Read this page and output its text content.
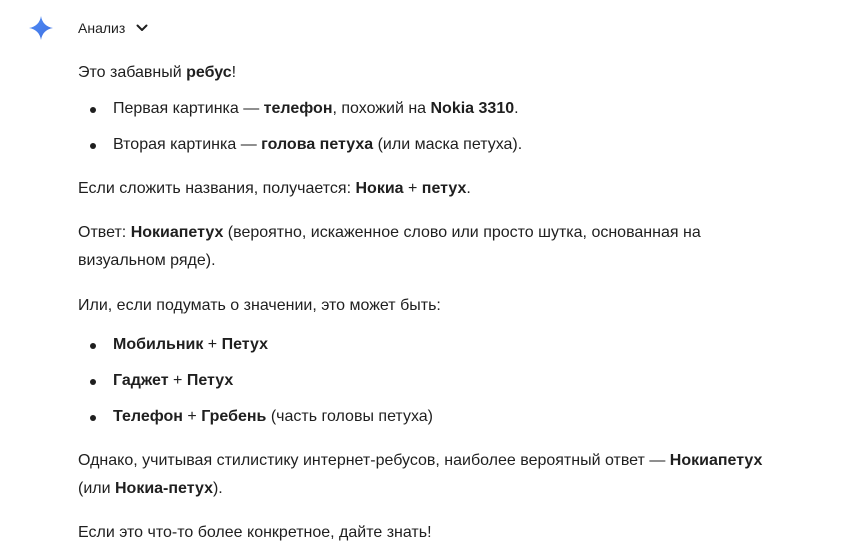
Анализ

Это забавный ребус!

Первая картинка — телефон, похожий на Nokia 3310.
Вторая картинка — голова петуха (или маска петуха).

Если сложить названия, получается: Нокиа + петух.

Ответ: Нокиапетух (вероятно, искаженное слово или просто шутка, основанная на
визуальном ряде).

Или, если подумать о значении, это может быть:

Мобильник + Петух
Гаджет + Петух
Телефон + Гребень (часть головы петуха)

Однако, учитывая стилистику интернет-ребусов, наиболее вероятный ответ — Нокиапетух
(или Нокиа-петух).

Если это что-то более конкретное, дайте знать!
